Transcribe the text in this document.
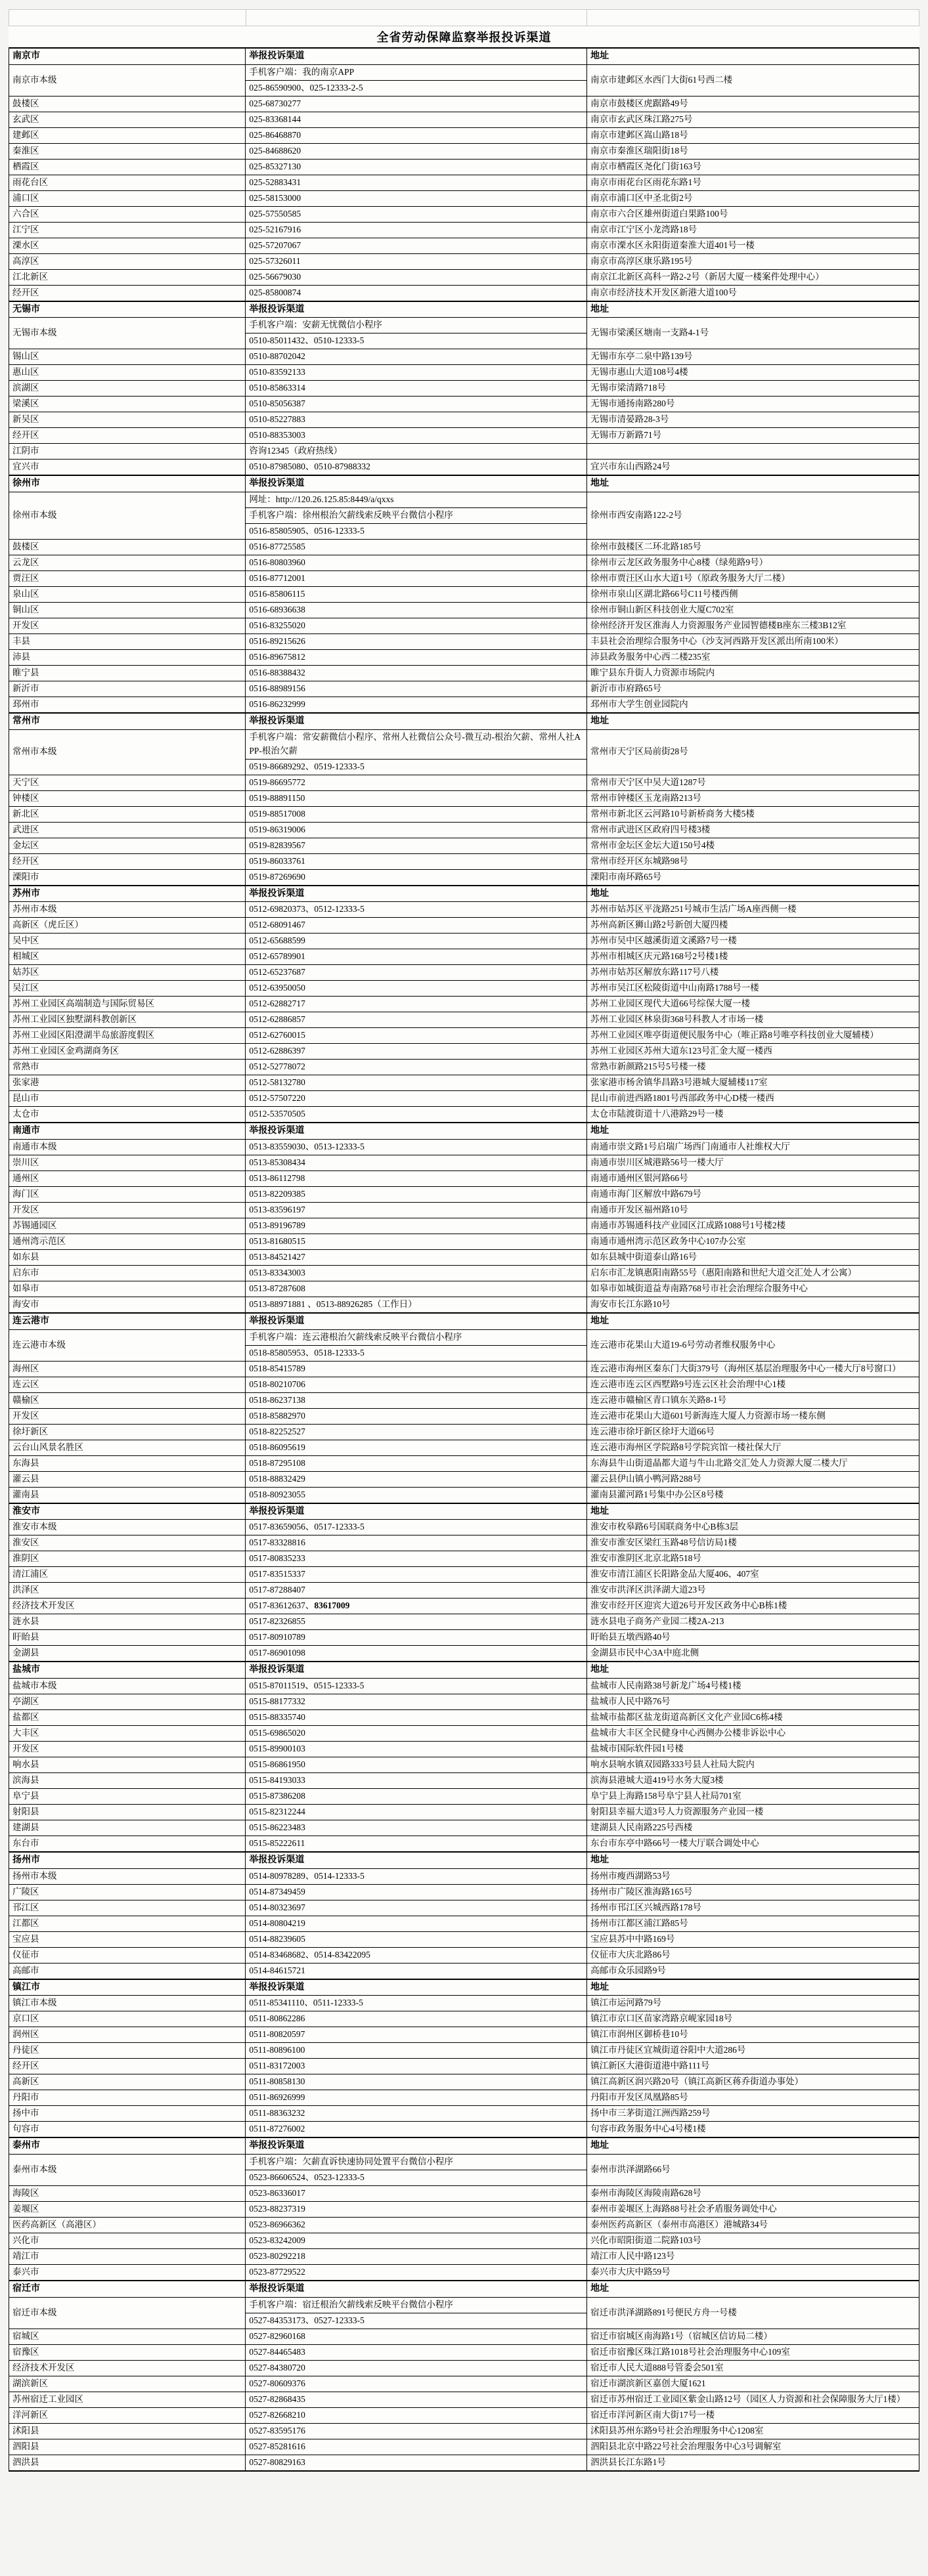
全省劳动保障监察举报投诉渠道
南京市	举报投诉渠道	地址
南京市本级	手机客户端：我的南京APP	南京市建邺区水西门大街61号西二楼
	025-86590900、025-12333-2-5	
鼓楼区	025-68730277	南京市鼓楼区虎踞路49号
玄武区	025-83368144	南京市玄武区珠江路275号
建邺区	025-86468870	南京市建邺区嵩山路18号
秦淮区	025-84688620	南京市秦淮区瑞阳街18号
栖霞区	025-85327130	南京市栖霞区尧化门街163号
雨花台区	025-52883431	南京市雨花台区雨花东路1号
浦口区	025-58153000	南京市浦口区中圣北街2号
六合区	025-57550585	南京市六合区雄州街道白果路100号
江宁区	025-52167916	南京市江宁区小龙湾路18号
溧水区	025-57207067	南京市溧水区永阳街道秦淮大道401号一楼
高淳区	025-57326011	南京市高淳区康乐路195号
江北新区	025-56679030	南京江北新区高科一路2-2号（新居大厦一楼案件处理中心）
经开区	025-85800874	南京市经济技术开发区新港大道100号
无锡市	举报投诉渠道	地址
无锡市本级	手机客户端：安薪无忧微信小程序	无锡市梁溪区塘南一支路4-1号
	0510-85011432、0510-12333-5	
锡山区	0510-88702042	无锡市东亭二泉中路139号
惠山区	0510-83592133	无锡市惠山大道108号4楼
滨湖区	0510-85863314	无锡市梁清路718号
梁溪区	0510-85056387	无锡市通扬南路280号
新吴区	0510-85227883	无锡市清晏路28-3号
经开区	0510-88353003	无锡市万新路71号
江阴市	咨询12345（政府热线）	
宜兴市	0510-87985080、0510-87988332	宜兴市东山西路24号
徐州市	举报投诉渠道	地址
徐州市本级	网址：http://120.26.125.85:8449/a/qxxs	徐州市西安南路122-2号
	手机客户端：徐州根治欠薪线索反映平台微信小程序	
	0516-85805905、0516-12333-5	
鼓楼区	0516-87725585	徐州市鼓楼区二环北路185号
云龙区	0516-80803960	徐州市云龙区政务服务中心8楼（绿苑路9号）
贾汪区	0516-87712001	徐州市贾汪区山水大道1号（原政务服务大厅二楼）
泉山区	0516-85806115	徐州市泉山区湖北路66号C11号楼西侧
铜山区	0516-68936638	徐州市铜山新区科技创业大厦C702室
开发区	0516-83255020	徐州经济开发区淮海人力资源服务产业园智德楼B座东三楼3B12室
丰县	0516-89215626	丰县社会治理综合服务中心（沙支河西路开发区派出所南100米）
沛县	0516-89675812	沛县政务服务中心西二楼235室
睢宁县	0516-88388432	睢宁县东升街人力资源市场院内
新沂市	0516-88989156	新沂市市府路65号
邳州市	0516-86232999	邳州市大学生创业园院内
常州市	举报投诉渠道	地址
常州市本级	手机客户端：常安薪微信小程序、常州人社微信公众号-微互动-根治欠薪、常州人社APP-根治欠薪	常州市天宁区局前街28号
	0519-86689292、0519-12333-5	
天宁区	0519-86695772	常州市天宁区中吴大道1287号
钟楼区	0519-88891150	常州市钟楼区玉龙南路213号
新北区	0519-88517008	常州市新北区云河路10号新桥商务大楼5楼
武进区	0519-86319006	常州市武进区区政府四号楼3楼
金坛区	0519-82839567	常州市金坛区金坛大道150号4楼
经开区	0519-86033761	常州市经开区东城路98号
溧阳市	0519-87269690	溧阳市南环路65号
苏州市	举报投诉渠道	地址
苏州市本级	0512-69820373、0512-12333-5	苏州市姑苏区平泷路251号城市生活广场A座西侧一楼
高新区（虎丘区）	0512-68091467	苏州高新区狮山路2号新创大厦四楼
吴中区	0512-65688599	苏州市吴中区越溪街道文溪路7号一楼
相城区	0512-65789901	苏州市相城区庆元路168号2号楼1楼
姑苏区	0512-65237687	苏州市姑苏区解放东路117号八楼
吴江区	0512-63950050	苏州市吴江区松陵街道中山南路1788号一楼
苏州工业园区高端制造与国际贸易区	0512-62882717	苏州工业园区现代大道66号综保大厦一楼
苏州工业园区独墅湖科教创新区	0512-62886857	苏州工业园区林泉街368号科教人才市场一楼
苏州工业园区阳澄湖半岛旅游度假区	0512-62760015	苏州工业园区唯亭街道便民服务中心（唯正路8号唯亭科技创业大厦辅楼）
苏州工业园区金鸡湖商务区	0512-62886397	苏州工业园区苏州大道东123号汇金大厦一楼西
常熟市	0512-52778072	常熟市新颜路215号5号楼一楼
张家港	0512-58132780	张家港市杨舍镇华昌路3号港城大厦辅楼117室
昆山市	0512-57507220	昆山市前进西路1801号西部政务中心D楼一楼西
太仓市	0512-53570505	太仓市陆渡街道十八港路29号一楼
南通市	举报投诉渠道	地址
南通市本级	0513-83559030、0513-12333-5	南通市崇文路1号启瑞广场西门南通市人社维权大厅
崇川区	0513-85308434	南通市崇川区城港路56号一楼大厅
通州区	0513-86112798	南通市通州区银河路66号
海门区	0513-82209385	南通市海门区解放中路679号
开发区	0513-83596197	南通市开发区福州路10号
苏锡通园区	0513-89196789	南通市苏锡通科技产业园区江成路1088号1号楼2楼
通州湾示范区	0513-81680515	南通市通州湾示范区政务中心107办公室
如东县	0513-84521427	如东县城中街道泰山路16号
启东市	0513-83343003	启东市汇龙镇惠阳南路55号（惠阳南路和世纪大道交汇处人才公寓）
如皋市	0513-87287608	如皋市如城街道益寿南路768号市社会治理综合服务中心
海安市	0513-88971881 、0513-88926285（工作日）	海安市长江东路10号
连云港市	举报投诉渠道	地址
连云港市本级	手机客户端：连云港根治欠薪线索反映平台微信小程序	连云港市花果山大道19-6号劳动者维权服务中心
	0518-85805953、0518-12333-5	
海州区	0518-85415789	连云港市海州区秦东门大街379号（海州区基层治理服务中心一楼大厅8号窗口）
连云区	0518-80210706	连云港市连云区西墅路9号连云区社会治理中心1楼
赣榆区	0518-86237138	连云港市赣榆区青口镇东关路8-1号
开发区	0518-85882970	连云港市花果山大道601号新海连大厦人力资源市场一楼东侧
徐圩新区	0518-82252527	连云港市徐圩新区徐圩大道66号
云台山风景名胜区	0518-86095619	连云港市海州区学院路8号学院宾馆一楼社保大厅
东海县	0518-87295108	东海县牛山街道晶都大道与牛山北路交汇处人力资源大厦二楼大厅
灌云县	0518-88832429	灌云县伊山镇小鸭河路288号
灌南县	0518-80923055	灌南县灌河路1号集中办公区8号楼
淮安市	举报投诉渠道	地址
淮安市本级	0517-83659056、0517-12333-5	淮安市枚皋路6号国联商务中心B栋3层
淮安区	0517-83328816	淮安市淮安区梁红玉路48号信访局1楼
淮阴区	0517-80835233	淮安市淮阴区北京北路518号
清江浦区	0517-83515337	淮安市清江浦区长阳路金品大厦406、407室
洪泽区	0517-87288407	淮安市洪泽区洪泽湖大道23号
经济技术开发区	0517-83612637、83617009	淮安市经开区迎宾大道26号开发区政务中心B栋1楼
涟水县	0517-82326855	涟水县电子商务产业园二楼2A-213
盱眙县	0517-80910789	盱眙县五墩西路40号
金湖县	0517-86901098	金湖县市民中心3A中庭北侧
盐城市	举报投诉渠道	地址
盐城市本级	0515-87011519、0515-12333-5	盐城市人民南路38号新龙广场4号楼1楼
亭湖区	0515-88177332	盐城市人民中路76号
盐都区	0515-88335740	盐城市盐都区盐龙街道高新区文化产业园C6栋4楼
大丰区	0515-69865020	盐城市大丰区全民健身中心西侧办公楼非诉讼中心
开发区	0515-89900103	盐城市国际软件园1号楼
响水县	0515-86861950	响水县响水镇双园路333号县人社局大院内
滨海县	0515-84193033	滨海县港城大道419号水务大厦3楼
阜宁县	0515-87386208	阜宁县上海路158号阜宁县人社局701室
射阳县	0515-82312244	射阳县幸福大道3号人力资源服务产业园一楼
建湖县	0515-86223483	建湖县人民南路225号西楼
东台市	0515-85222611	东台市东亭中路66号一楼大厅联合调处中心
扬州市	举报投诉渠道	地址
扬州市本级	0514-80978289、0514-12333-5	扬州市瘦西湖路53号
广陵区	0514-87349459	扬州市广陵区淮海路165号
邗江区	0514-80323697	扬州市邗江区兴城西路178号
江都区	0514-80804219	扬州市江都区浦江路85号
宝应县	0514-88239605	宝应县苏中中路169号
仪征市	0514-83468682、0514-83422095	仪征市大庆北路86号
高邮市	0514-84615721	高邮市众乐园路9号
镇江市	举报投诉渠道	地址
镇江市本级	0511-85341110、0511-12333-5	镇江市运河路79号
京口区	0511-80862286	镇江市京口区苗家湾路京岘家园18号
润州区	0511-80820597	镇江市润州区御桥巷10号
丹徒区	0511-80896100	镇江市丹徒区宜城街道谷阳中大道286号
经开区	0511-83172003	镇江新区大港街道港中路111号
高新区	0511-80858130	镇江高新区润兴路20号（镇江高新区蒋乔街道办事处）
丹阳市	0511-86926999	丹阳市开发区凤凰路85号
扬中市	0511-88363232	扬中市三茅街道江洲西路259号
句容市	0511-87276002	句容市政务服务中心4号楼1楼
泰州市	举报投诉渠道	地址
泰州市本级	手机客户端：欠薪直诉快速协同处置平台微信小程序	泰州市洪泽湖路66号
	0523-86606524、0523-12333-5	
海陵区	0523-86336017	泰州市海陵区海陵南路628号
姜堰区	0523-88237319	泰州市姜堰区上海路88号社会矛盾服务调处中心
医药高新区（高港区）	0523-86966362	泰州医药高新区（泰州市高港区）港城路34号
兴化市	0523-83242009	兴化市昭阳街道二院路103号
靖江市	0523-80292218	靖江市人民中路123号
泰兴市	0523-87729522	泰兴市大庆中路59号
宿迁市	举报投诉渠道	地址
宿迁市本级	手机客户端：宿迁根治欠薪线索反映平台微信小程序	宿迁市洪泽湖路891号便民方舟一号楼
	0527-84353173、0527-12333-5	
宿城区	0527-82960168	宿迁市宿城区南海路1号（宿城区信访局二楼）
宿豫区	0527-84465483	宿迁市宿豫区珠江路1018号社会治理服务中心109室
经济技术开发区	0527-84380720	宿迁市人民大道888号管委会501室
湖滨新区	0527-80609376	宿迁市湖滨新区嘉创大厦1621
苏州宿迁工业园区	0527-82868435	宿迁市苏州宿迁工业园区紫金山路12号（园区人力资源和社会保障服务大厅1楼）
洋河新区	0527-82668210	宿迁市洋河新区南大街17号一楼
沭阳县	0527-83595176	沭阳县苏州东路9号社会治理服务中心1208室
泗阳县	0527-85281616	泗阳县北京中路22号社会治理服务中心3号调解室
泗洪县	0527-80829163	泗洪县长江东路1号
